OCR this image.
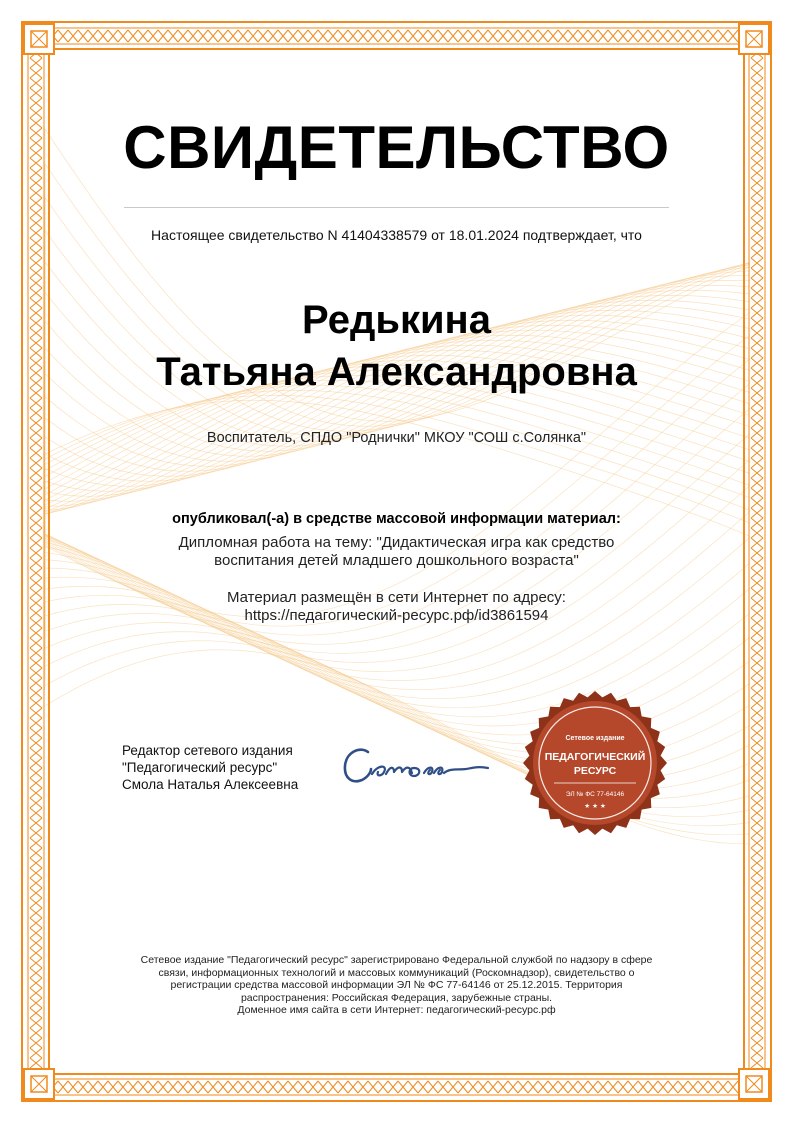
СВИДЕТЕЛЬСТВО
Настоящее свидетельство N 41404338579 от 18.01.2024 подтверждает, что
Редькина
Татьяна Александровна
Воспитатель, СПДО "Роднички" МКОУ "СОШ с.Солянка"
опубликовал(-а) в средстве массовой информации материал:
Дипломная работа на тему: "Дидактическая игра как средство
воспитания детей младшего дошкольного возраста"
Материал размещён в сети Интернет по адресу:
https://педагогический-ресурс.рф/id3861594
Редактор сетевого издания
"Педагогический ресурс"
Смола Наталья Алексеевна
Сетевое издание
ПЕДАГОГИЧЕСКИЙ
РЕСУРС
ЭЛ № ФС 77-64146
★ ★ ★
Сетевое издание "Педагогический ресурс" зарегистрировано Федеральной службой по надзору в сфере
связи, информационных технологий и массовых коммуникаций (Роскомнадзор), свидетельство о
регистрации средства массовой информации ЭЛ № ФС 77-64146 от 25.12.2015. Территория
распространения: Российская Федерация, зарубежные страны.
Доменное имя сайта в сети Интернет: педагогический-ресурс.рф
